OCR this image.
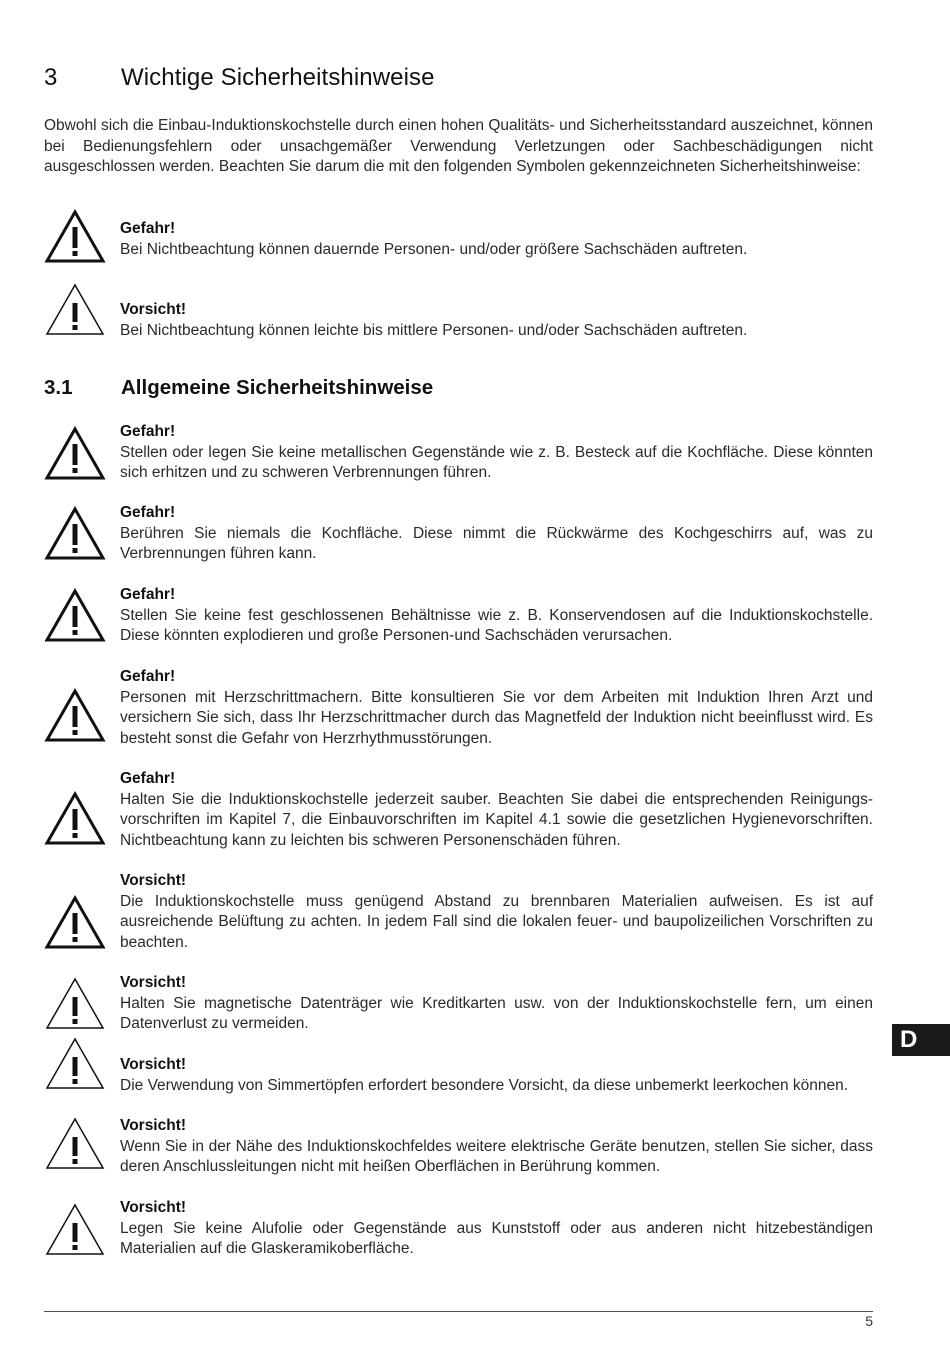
3	Wichtige Sicherheitshinweise

Obwohl sich die Einbau-Induktionskochstelle durch einen hohen Qualitäts- und Sicherheitsstandard auszeichnet, können bei Bedienungsfehlern oder unsachgemäßer Verwendung Verletzungen oder Sachbeschädigungen nicht ausgeschlossen werden. Beachten Sie darum die mit den folgenden Symbolen gekennzeichneten Sicherheitshinweise:

Gefahr!

Bei Nichtbeachtung können dauernde Personen- und/oder größere Sachschäden auftreten.

Vorsicht!

Bei Nichtbeachtung können leichte bis mittlere Personen- und/oder Sachschäden auftreten.

3.1 Allgemeine Sicherheitshinweise

Gefahr!

Stellen oder legen Sie keine metallischen Gegenstände wie z. B. Besteck auf die Kochfläche. Diese könnten sich erhitzen und zu schweren Verbrennungen führen.

Gefahr!

Berühren Sie niemals die Kochfläche. Diese nimmt die Rückwärme des Kochgeschirrs auf, was zu Verbrennungen führen kann.

Gefahr!

Stellen Sie keine fest geschlossenen Behältnisse wie z. B. Konservendosen auf die Induktionskochstelle. Diese könnten explodieren und große Personen-und Sachschäden verursachen.

Gefahr!

Personen mit Herzschrittmachern. Bitte konsultieren Sie vor dem Arbeiten mit Induktion Ihren Arzt und versichern Sie sich, dass Ihr Herzschrittmacher durch das Magnetfeld der Induktion nicht beeinflusst wird. Es besteht sonst die Gefahr von Herzrhythmusstörungen.

Gefahr!

Halten Sie die Induktionskochstelle jederzeit sauber. Beachten Sie dabei die entsprechenden Reinigungsvorschriften im Kapitel 7, die Einbauvorschriften im Kapitel 4.1 sowie die gesetzlichen Hygienevorschriften. Nichtbeachtung kann zu leichten bis schweren Personenschäden führen.

Vorsicht!

Die Induktionskochstelle muss genügend Abstand zu brennbaren Materialien aufweisen. Es ist auf ausreichende Belüftung zu achten. In jedem Fall sind die lokalen feuer- und baupolizeilichen Vorschriften zu beachten.

Vorsicht!

Halten Sie magnetische Datenträger wie Kreditkarten usw. von der Induktionskochstelle fern, um einen Datenverlust zu vermeiden.

Vorsicht!

Die Verwendung von Simmertöpfen erfordert besondere Vorsicht, da diese unbemerkt leerkochen können.

Vorsicht!

Wenn Sie in der Nähe des Induktionskochfeldes weitere elektrische Geräte benutzen, stellen Sie sicher, dass deren Anschlussleitungen nicht mit heißen Oberflächen in Berührung kommen.

Vorsicht!

Legen Sie keine Alufolie oder Gegenstände aus Kunststoff oder aus anderen nicht hitzebeständigen Materialien auf die Glaskeramikoberfläche.

D
5
